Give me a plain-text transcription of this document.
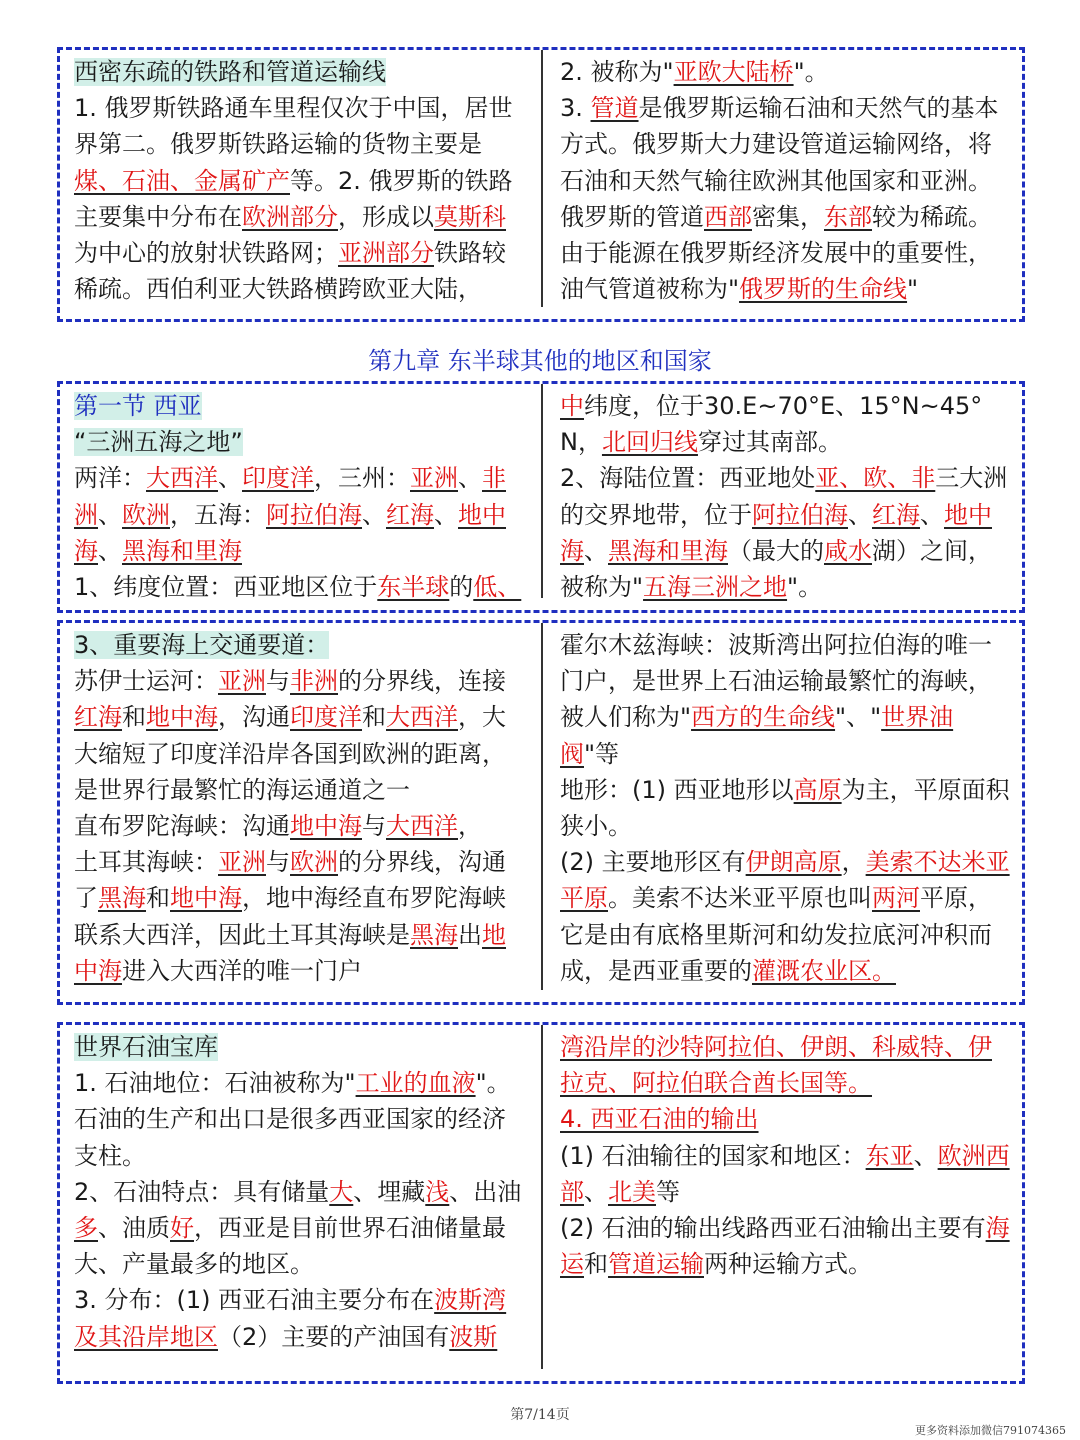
西密东疏的铁路和管道运输线

1. 俄罗斯铁路通车里程仅次于中国，居世界第二。俄罗斯铁路运输的货物主要是煤、石油、金属矿产等。2. 俄罗斯的铁路主要集中分布在欧洲部分，形成以莫斯科为中心的放射状铁路网；亚洲部分铁路较稀疏。西伯利亚大铁路横跨欧亚大陆，

2. 被称为"亚欧大陆桥"。

3. 管道是俄罗斯运输石油和天然气的基本方式。俄罗斯大力建设管道运输网络，将石油和天然气输往欧洲其他国家和亚洲。俄罗斯的管道西部密集，东部较为稀疏。由于能源在俄罗斯经济发展中的重要性，油气管道被称为"俄罗斯的生命线"

第九章 东半球其他的地区和国家

第一节 西亚

“三洲五海之地”

两洋：大西洋、印度洋，三州：亚洲、非洲、欧洲，五海：阿拉伯海、红海、地中海、黑海和里海

1、纬度位置：西亚地区位于东半球的低、

中纬度，位于30.E~70°E、15°N~45°N，北回归线穿过其南部。

2、海陆位置：西亚地处亚、欧、非三大洲的交界地带，位于阿拉伯海、红海、地中海、黑海和里海（最大的咸水湖）之间，被称为"五海三洲之地"。

3、重要海上交通要道：

苏伊士运河：亚洲与非洲的分界线，连接红海和地中海，沟通印度洋和大西洋，大大缩短了印度洋沿岸各国到欧洲的距离，是世界行最繁忙的海运通道之一

直布罗陀海峡：沟通地中海与大西洋，

土耳其海峡：亚洲与欧洲的分界线，沟通了黑海和地中海，地中海经直布罗陀海峡联系大西洋，因此土耳其海峡是黑海出地中海进入大西洋的唯一门户

霍尔木兹海峡：波斯湾出阿拉伯海的唯一门户，是世界上石油运输最繁忙的海峡，被人们称为"西方的生命线"、"世界油阀"等

地形：(1) 西亚地形以高原为主，平原面积狭小。

(2) 主要地形区有伊朗高原，美索不达米亚平原。美索不达米亚平原也叫两河平原，它是由有底格里斯河和幼发拉底河冲积而成，是西亚重要的灌溉农业区。

世界石油宝库

1. 石油地位：石油被称为"工业的血液"。石油的生产和出口是很多西亚国家的经济支柱。

2、石油特点：具有储量大、埋藏浅、出油多、油质好，西亚是目前世界石油储量最大、产量最多的地区。

3. 分布：(1) 西亚石油主要分布在波斯湾及其沿岸地区（2）主要的产油国有波斯

湾沿岸的沙特阿拉伯、伊朗、科威特、伊拉克、阿拉伯联合酋长国等。

4. 西亚石油的输出

(1) 石油输往的国家和地区：东亚、欧洲西部、北美等

(2) 石油的输出线路西亚石油输出主要有海运和管道运输两种运输方式。

第7/14页
更多资料添加微信791074365
